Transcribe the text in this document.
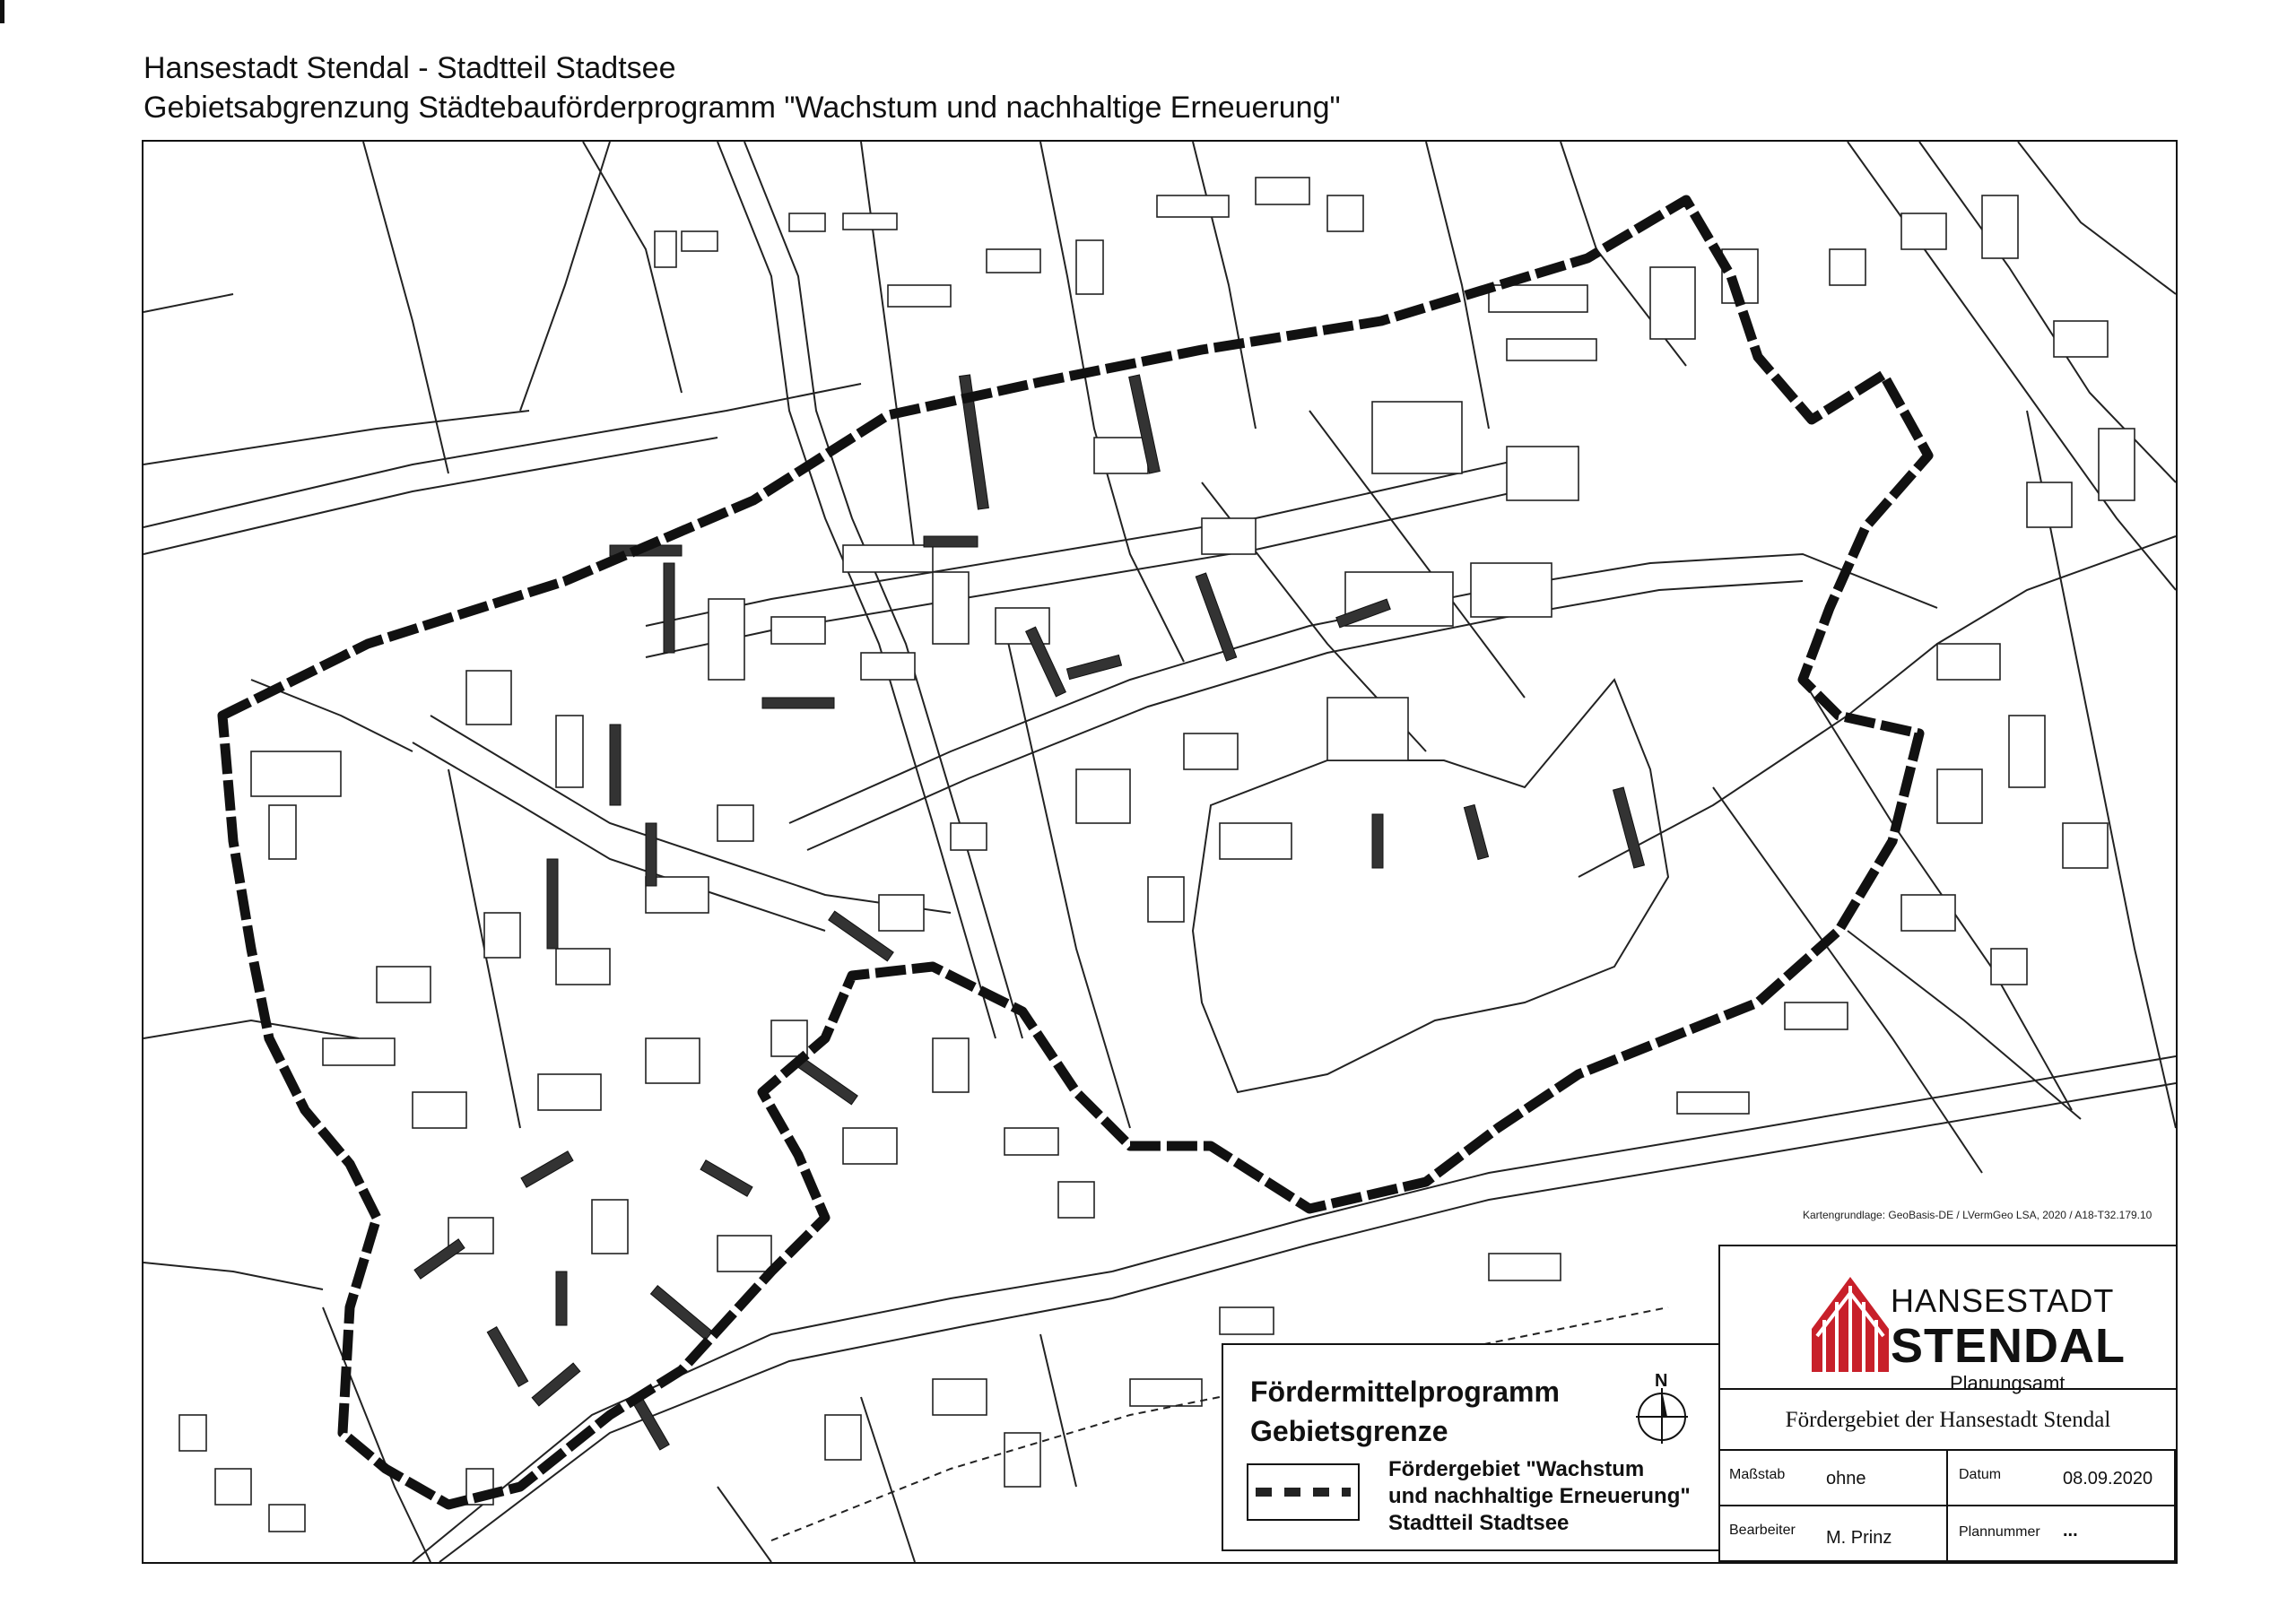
Hansestadt Stendal - Stadtteil Stadtsee
Gebietsabgrenzung Städtebauförderprogramm "Wachstum und nachhaltige Erneuerung"
Fördermittelprogramm
Gebietsgrenze
Fördergebiet "Wachstum
und nachhaltige Erneuerung"
Stadtteil Stadtsee
N
Kartengrundlage: GeoBasis-DE / LVermGeo LSA, 2020 / A18-T32.179.10
HANSESTADT
STENDAL
Planungsamt
Fördergebiet der Hansestadt Stendal
Maßstab ohne	Datum	08.09.2020
Bearbeiter M. Prinz	Plannummer ...
